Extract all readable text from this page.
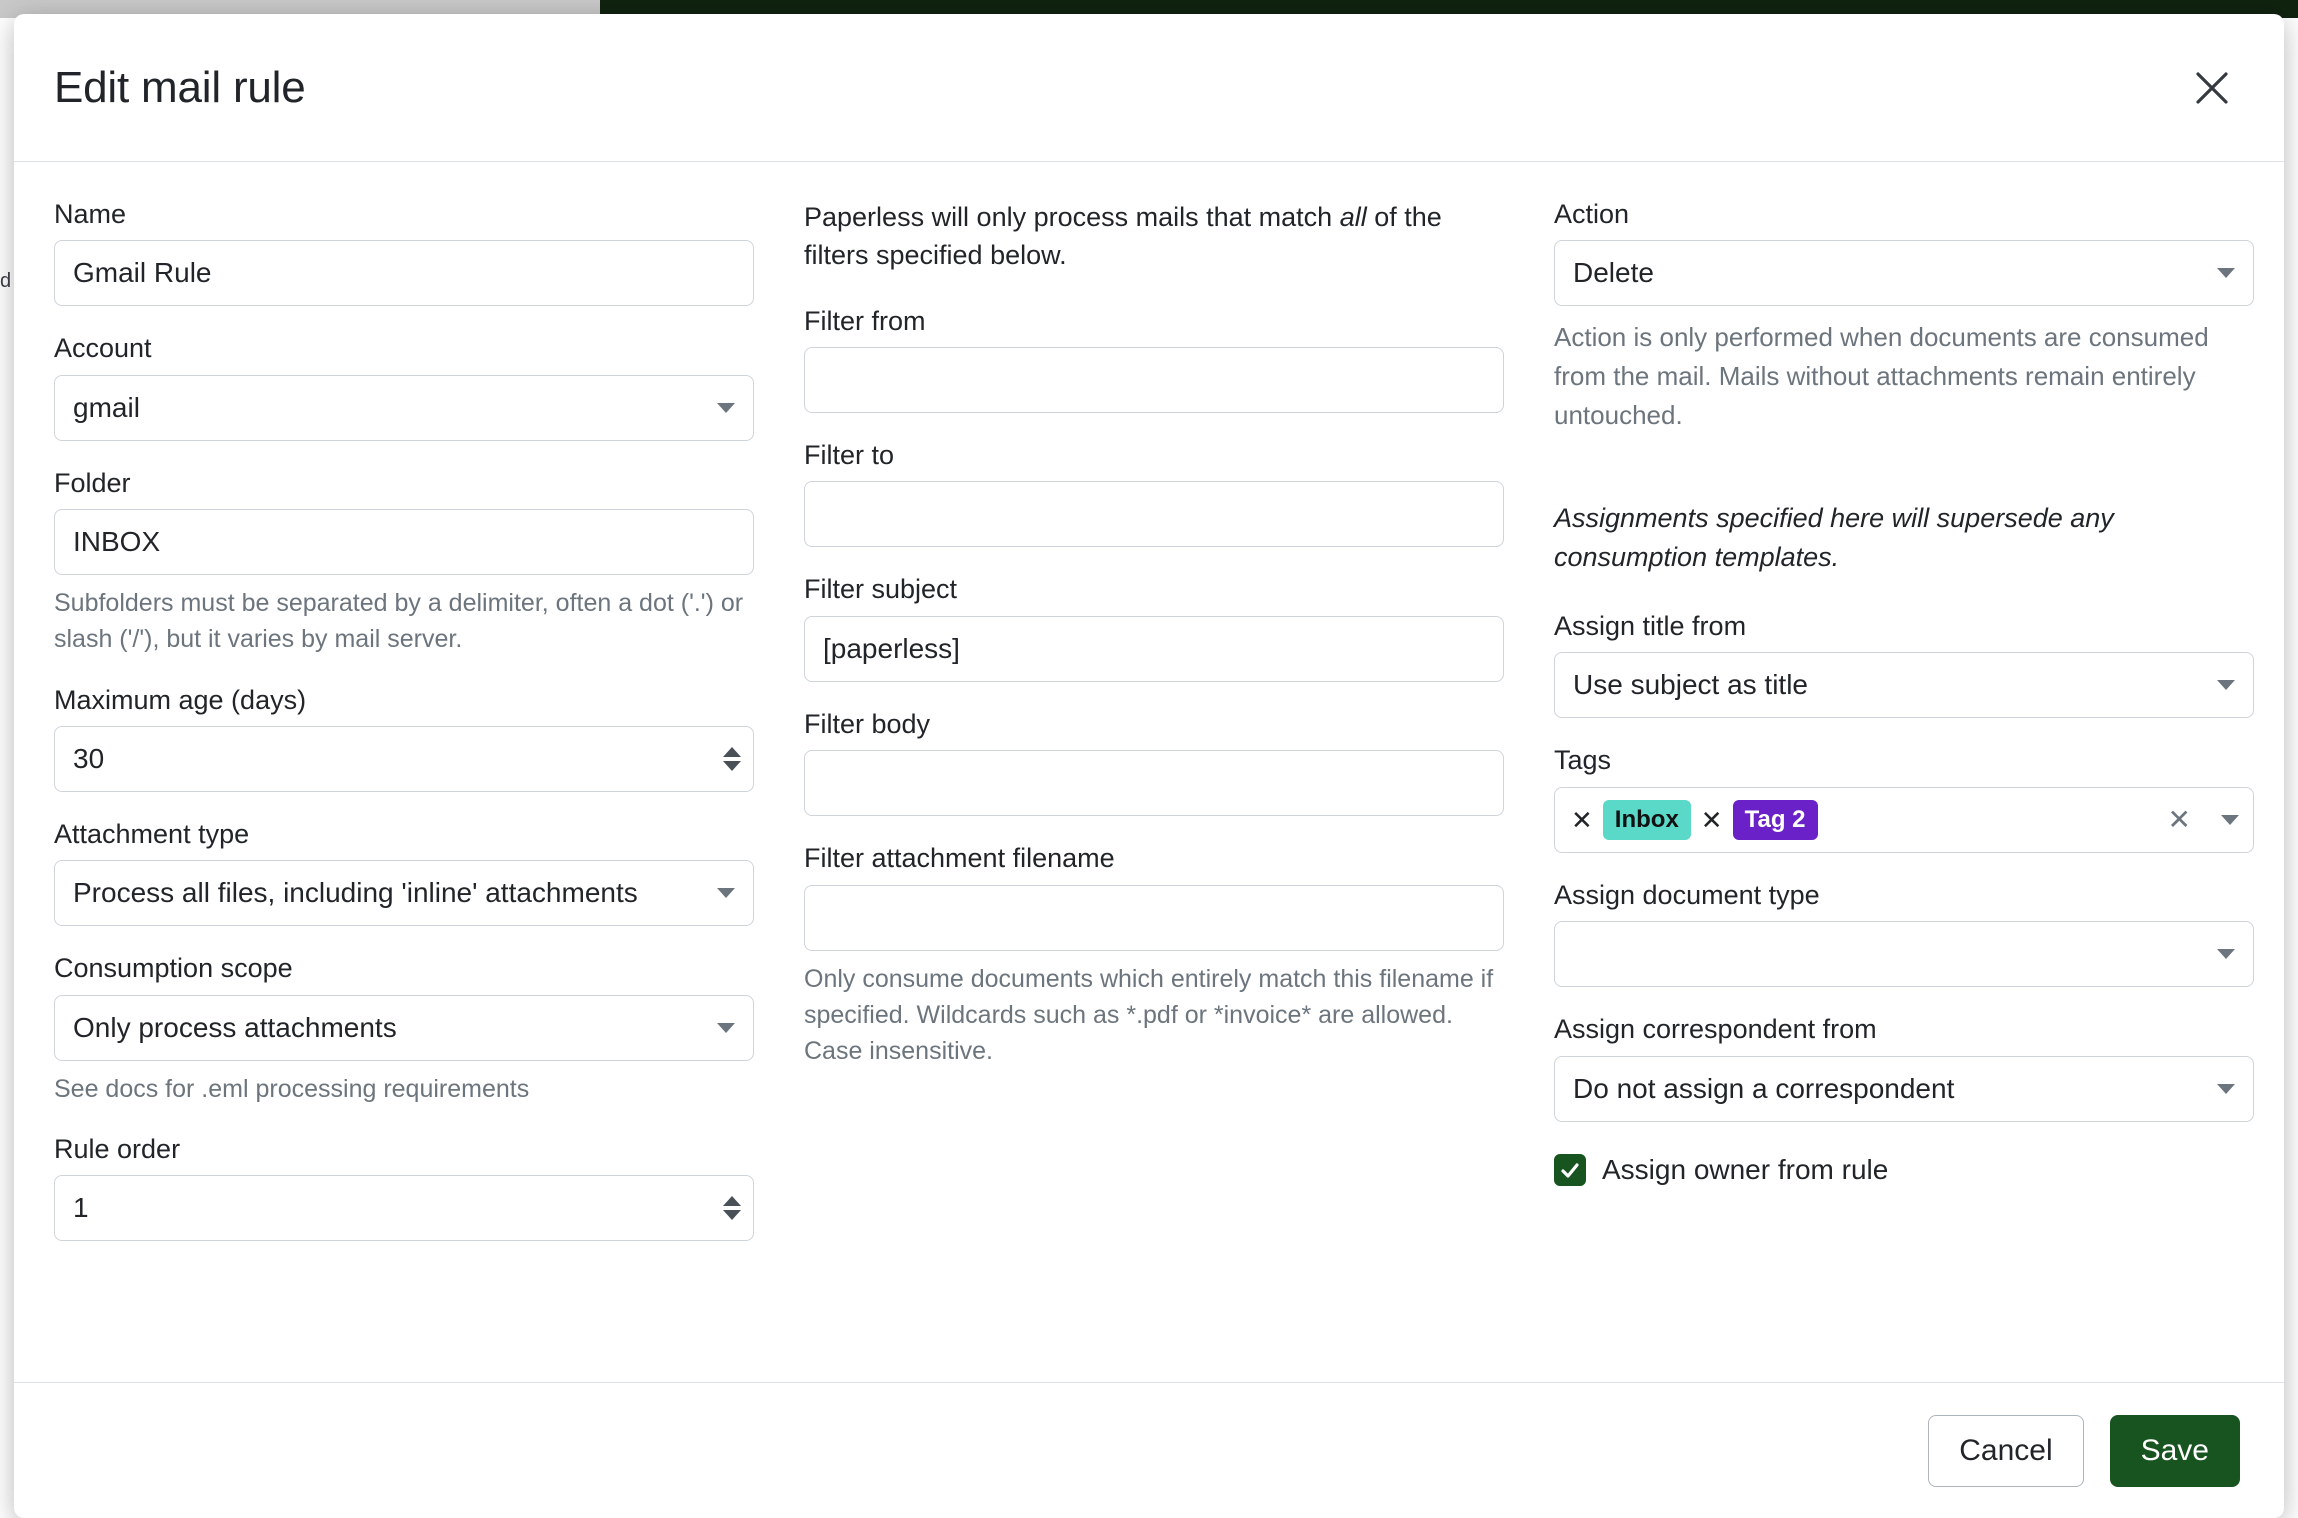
d
Edit mail rule
Name
Gmail Rule
Account
gmail
Folder
INBOX
Subfolders must be separated by a delimiter, often a dot ('.') or slash ('/'), but it varies by mail server.
Maximum age (days)
30
Attachment type
Process all files, including 'inline' attachments
Consumption scope
Only process attachments
See docs for .eml processing requirements
Rule order
1

Paperless will only process mails that match all of the filters specified below.

Filter from
Filter to
Filter subject
[paperless]
Filter body
Filter attachment filename
Only consume documents which entirely match this filename if specified. Wildcards such as *.pdf or *invoice* are allowed. Case insensitive.
Action
Delete
Action is only performed when documents are consumed from the mail. Mails without attachments remain entirely untouched.

Assignments specified here will supersede any consumption templates.

Assign title from
Use subject as title
Tags
✕ Inbox ✕ Tag 2	✕
Assign document type
Assign correspondent from
Do not assign a correspondent
Assign owner from rule
Cancel	Save
